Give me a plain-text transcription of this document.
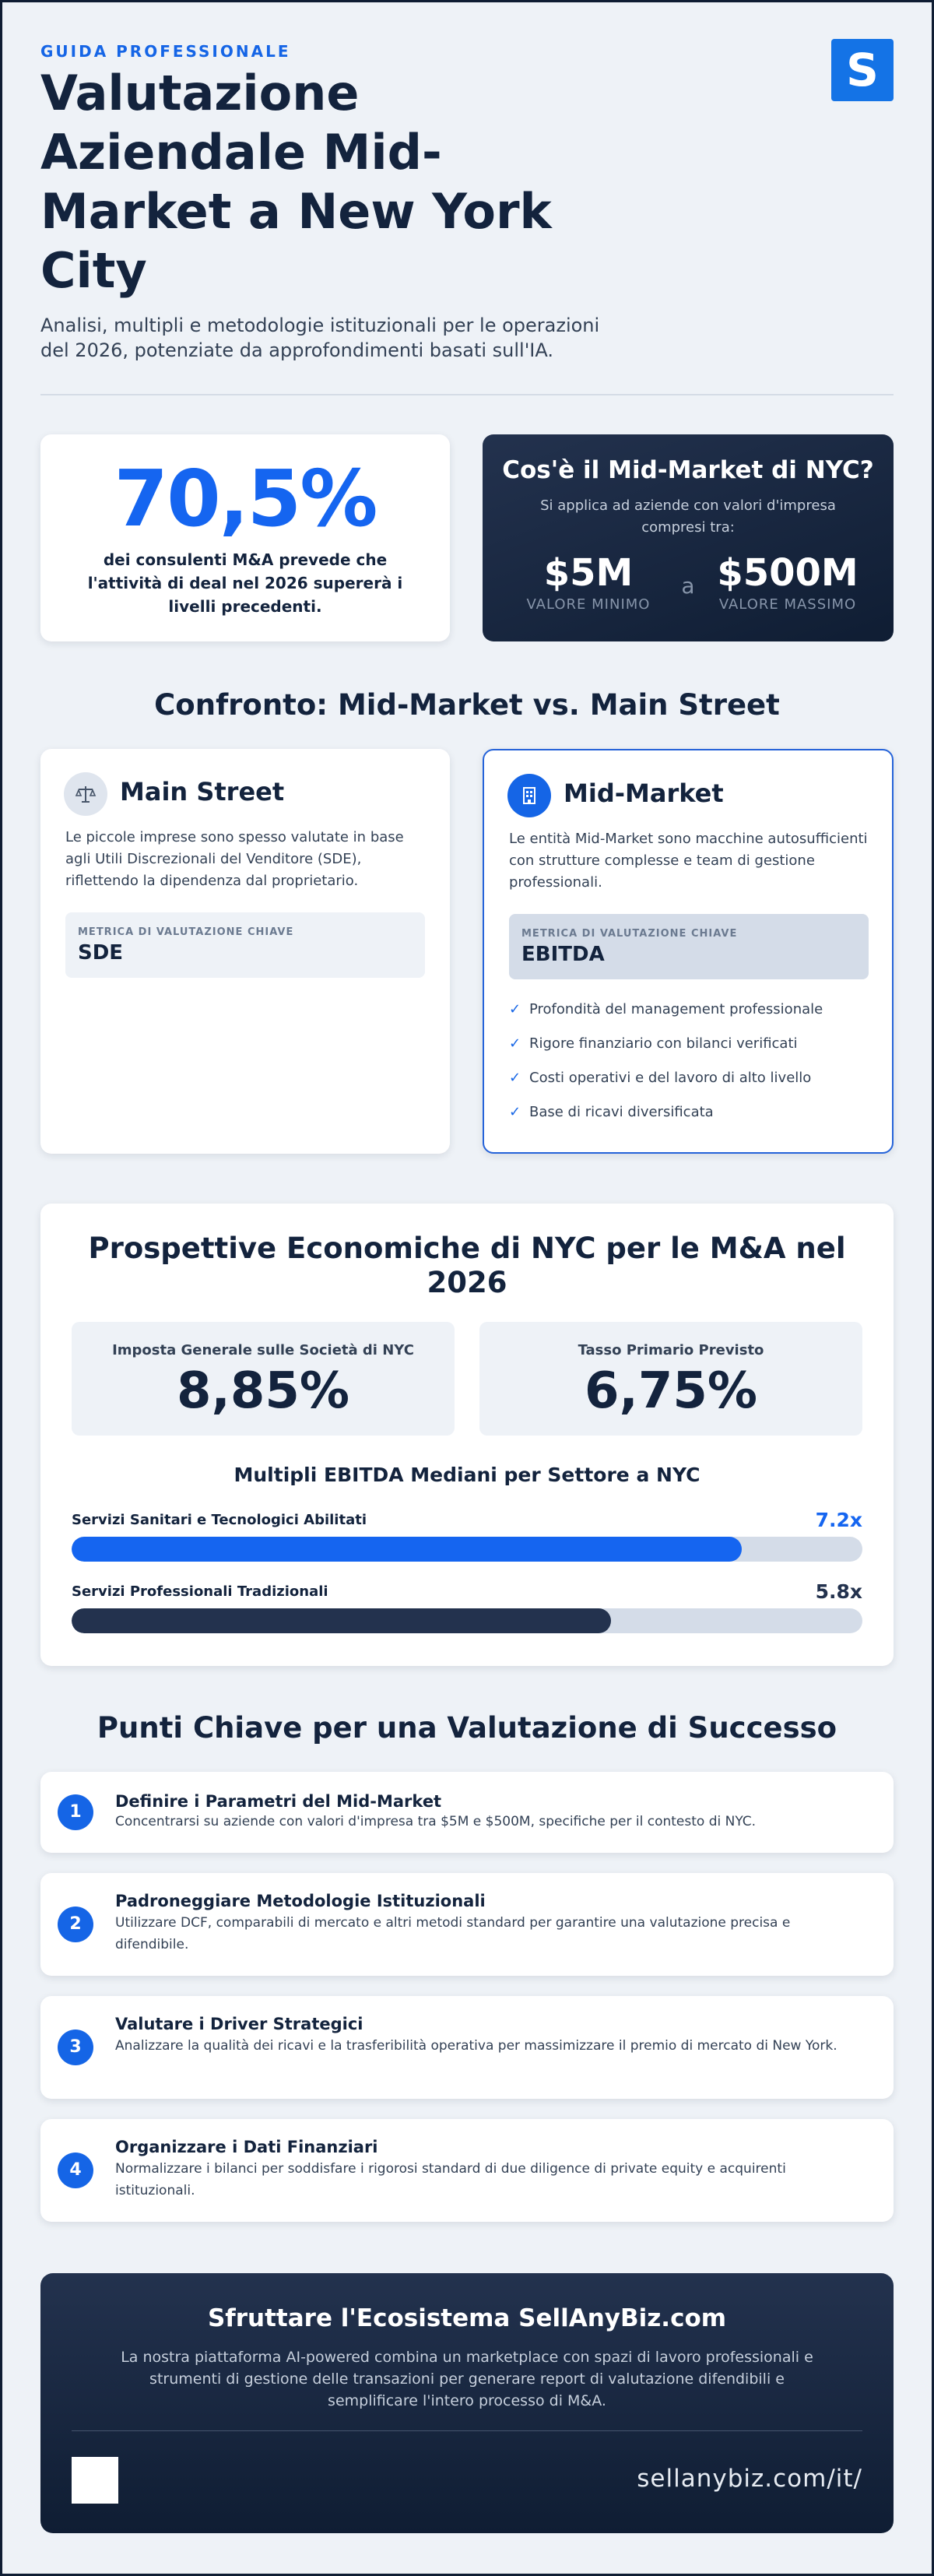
GUIDA PROFESSIONALE
Valutazione Aziendale Mid-Market a New York City

Analisi, multipli e metodologie istituzionali per le operazioni del 2026, potenziate da approfondimenti basati sull'IA.

S
70,5%
dei consulenti M&A prevede che l'attività di deal nel 2026 supererà i livelli precedenti.
Cos'è il Mid-Market di NYC?
Si applica ad aziende con valori d'impresa compresi tra:
$5M
VALORE MINIMO
a $500M
VALORE MASSIMO
Confronto: Mid-Market vs. Main Street
Main Street
Le piccole imprese sono spesso valutate in base agli Utili Discrezionali del Venditore (SDE), riflettendo la dipendenza dal proprietario.
METRICA DI VALUTAZIONE CHIAVE
SDE
Mid-Market
Le entità Mid-Market sono macchine autosufficienti con strutture complesse e team di gestione professionali.
METRICA DI VALUTAZIONE CHIAVE
EBITDA
✓ Profondità del management professionale
✓ Rigore finanziario con bilanci verificati
✓ Costi operativi e del lavoro di alto livello
✓ Base di ricavi diversificata
Prospettive Economiche di NYC per le M&A nel 2026
Imposta Generale sulle Società di NYC
8,85%
Tasso Primario Previsto
6,75%
Multipli EBITDA Mediani per Settore a NYC
Servizi Sanitari e Tecnologici Abilitati	7.2x
Servizi Professionali Tradizionali	5.8x
Punti Chiave per una Valutazione di Successo
1
Definire i Parametri del Mid-Market
Concentrarsi su aziende con valori d'impresa tra $5M e $500M, specifiche per il contesto di NYC.
2
Padroneggiare Metodologie Istituzionali
Utilizzare DCF, comparabili di mercato e altri metodi standard per garantire una valutazione precisa e difendibile.
3
Valutare i Driver Strategici
Analizzare la qualità dei ricavi e la trasferibilità operativa per massimizzare il premio di mercato di New York.
4
Organizzare i Dati Finanziari
Normalizzare i bilanci per soddisfare i rigorosi standard di due diligence di private equity e acquirenti istituzionali.
Sfruttare l'Ecosistema SellAnyBiz.com
La nostra piattaforma AI-powered combina un marketplace con spazi di lavoro professionali e strumenti di gestione delle transazioni per generare report di valutazione difendibili e semplificare l'intero processo di M&A.
sellanybiz.com/it/
